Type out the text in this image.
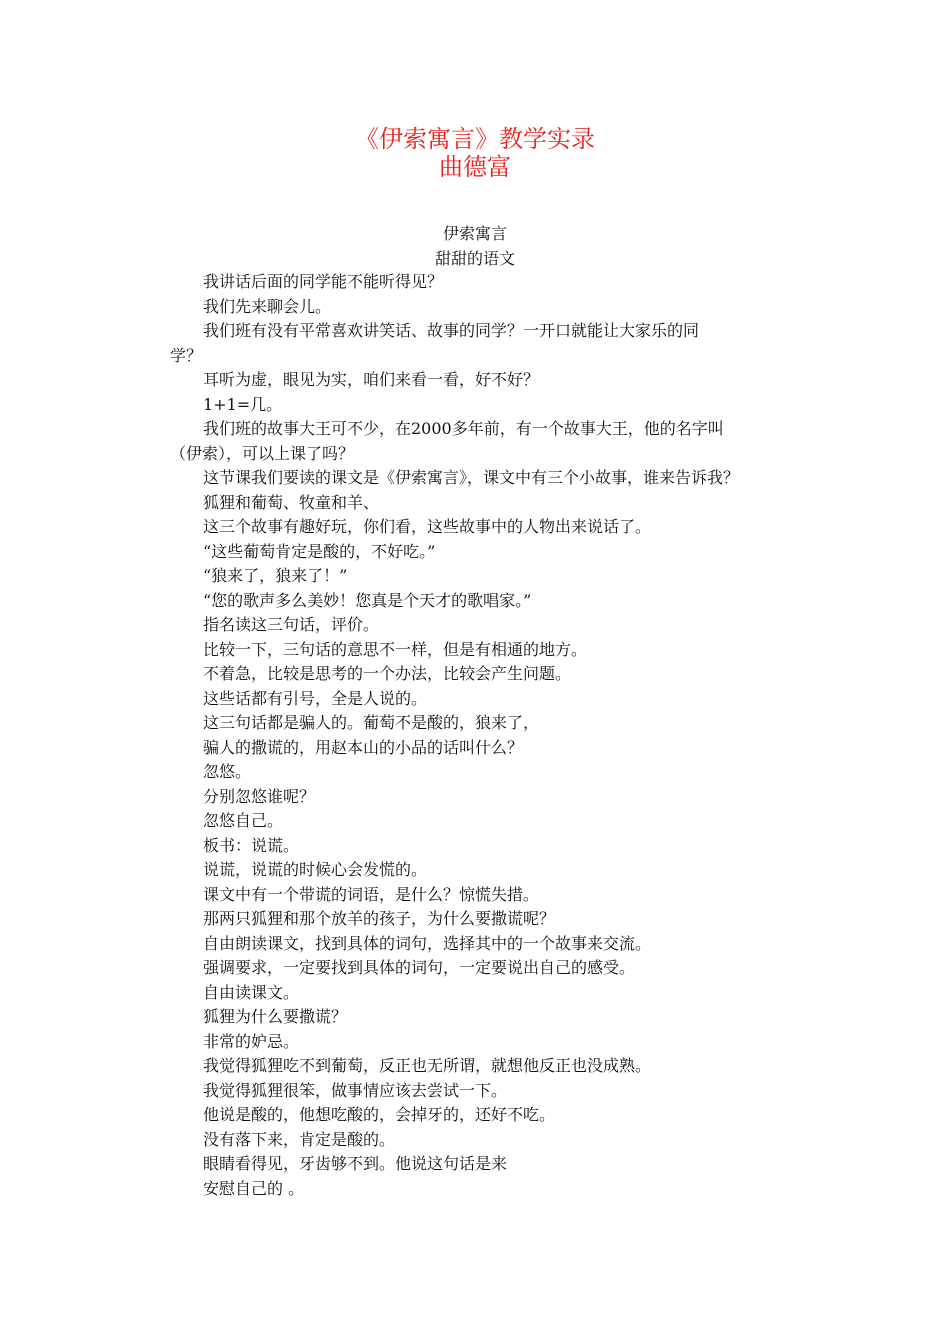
《伊索寓言》教学实录
曲德富
伊索寓言
甜甜的语文
我讲话后面的同学能不能听得见？
我们先来聊会儿。
我们班有没有平常喜欢讲笑话、故事的同学？一开口就能让大家乐的同
学？
耳听为虚，眼见为实，咱们来看一看，好不好？
1+1=几。
我们班的故事大王可不少，在2000多年前，有一个故事大王，他的名字叫
（伊索），可以上课了吗？
这节课我们要读的课文是《伊索寓言》，课文中有三个小故事，谁来告诉我？
狐狸和葡萄、牧童和羊、
这三个故事有趣好玩，你们看，这些故事中的人物出来说话了。
“这些葡萄肯定是酸的，不好吃。”
“狼来了，狼来了！”
“您的歌声多么美妙！您真是个天才的歌唱家。”
指名读这三句话，评价。
比较一下，三句话的意思不一样，但是有相通的地方。
不着急，比较是思考的一个办法，比较会产生问题。
这些话都有引号，全是人说的。
这三句话都是骗人的。葡萄不是酸的，狼来了，
骗人的撒谎的，用赵本山的小品的话叫什么？
忽悠。
分别忽悠谁呢？
忽悠自己。
板书：说谎。
说谎，说谎的时候心会发慌的。
课文中有一个带谎的词语，是什么？惊慌失措。
那两只狐狸和那个放羊的孩子，为什么要撒谎呢？
自由朗读课文，找到具体的词句，选择其中的一个故事来交流。
强调要求，一定要找到具体的词句，一定要说出自己的感受。
自由读课文。
狐狸为什么要撒谎？
非常的妒忌。
我觉得狐狸吃不到葡萄，反正也无所谓，就想他反正也没成熟。
我觉得狐狸很笨，做事情应该去尝试一下。
他说是酸的，他想吃酸的，会掉牙的，还好不吃。
没有落下来，肯定是酸的。
眼睛看得见，牙齿够不到。他说这句话是来
安慰自己的 。
